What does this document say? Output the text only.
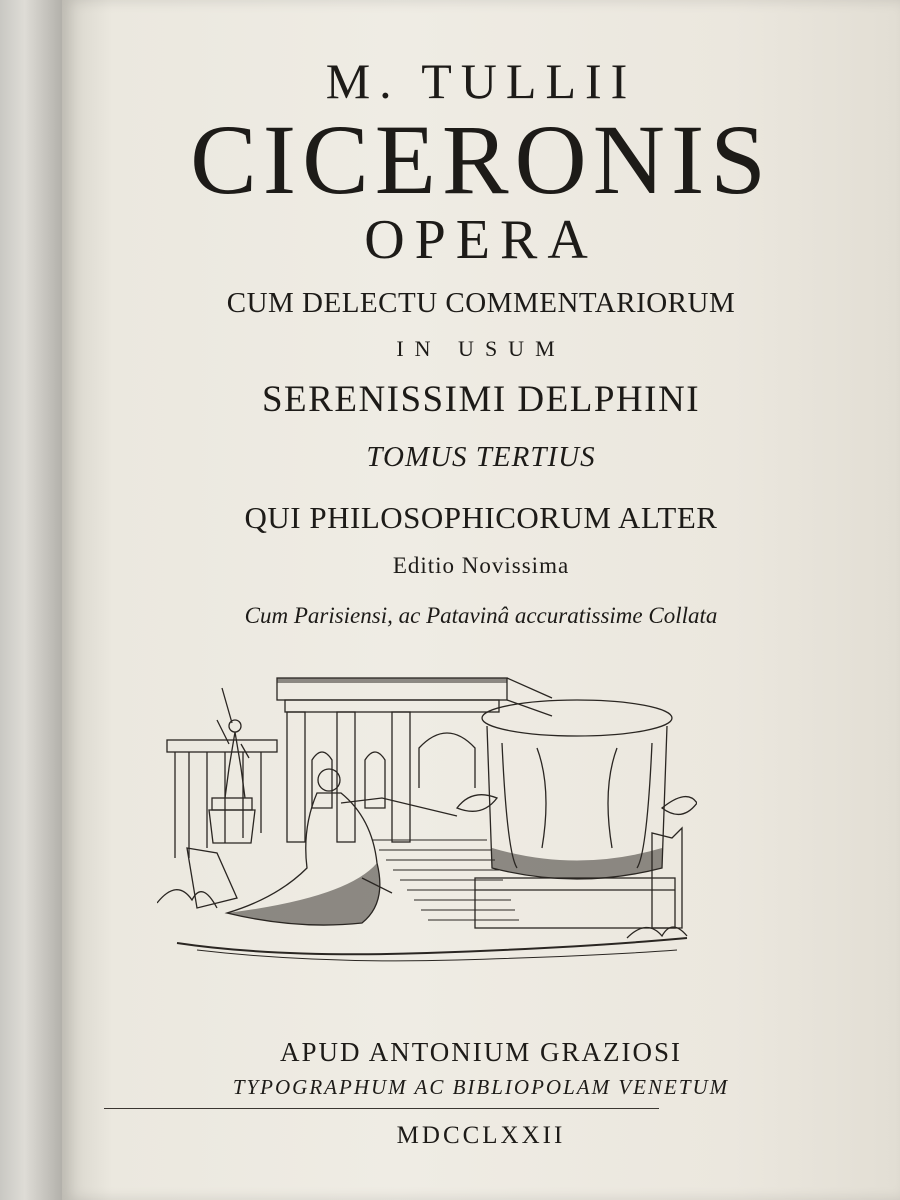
M. TULLII
CICERONIS
OPERA
CUM DELECTU COMMENTARIORUM
IN USUM
SERENISSIMI DELPHINI
TOMUS TERTIUS
QUI PHILOSOPHICORUM ALTER
Editio Novissima
Cum Parisiensi, ac Patavinâ accuratissime Collata
APUD ANTONIUM GRAZIOSI
TYPOGRAPHUM AC BIBLIOPOLAM VENETUM
MDCCLXXII
